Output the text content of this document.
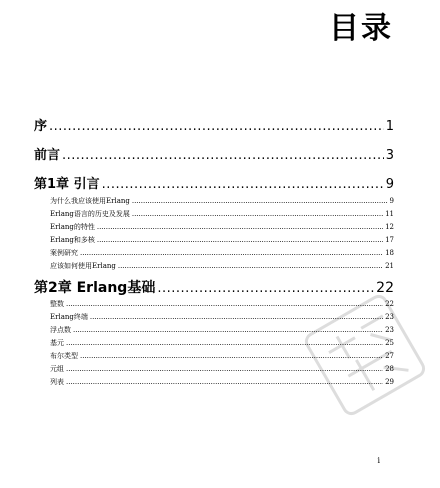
目录
序 .....	1
前言 .....	3
第1章 引言 .....	9
为什么我应该使用Erlang .....	9
Erlang语言的历史及发展 .....	11
Erlang的特性 .....	12
Erlang和多核 .....	17
案例研究 .....	18
应该如何使用Erlang .....	21
第2章 Erlang基础 .....	22
整数 .....	22
Erlang终端 .....	23
浮点数 .....	23
基元 .....	25
布尔类型 .....	27
元组 .....	28
列表 .....	29
i
